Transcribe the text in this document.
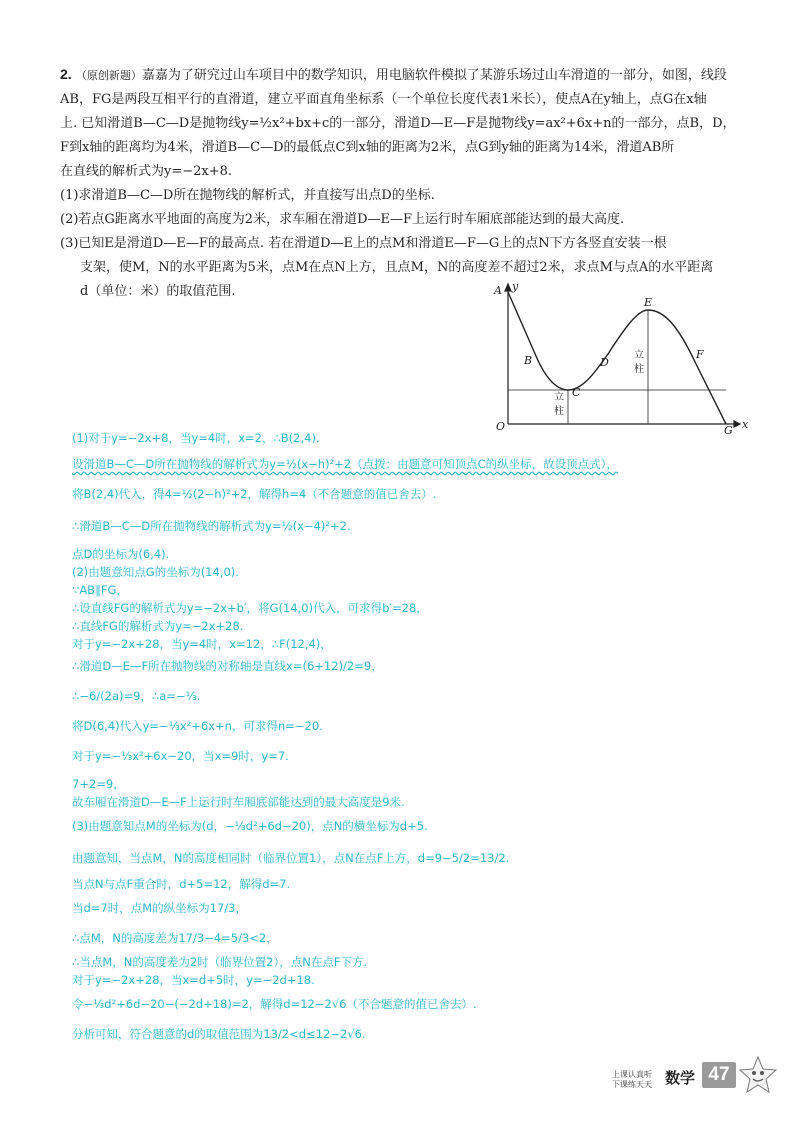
2. （原创新题）嘉嘉为了研究过山车项目中的数学知识，用电脑软件模拟了某游乐场过山车滑道的一部分，如图，线段

AB，FG是两段互相平行的直滑道，建立平面直角坐标系（一个单位长度代表1米长），使点A在y轴上，点G在x轴

上. 已知滑道B—C—D是抛物线y=½x²+bx+c的一部分，滑道D—E—F是抛物线y=ax²+6x+n的一部分，点B，D，

F到x轴的距离均为4米，滑道B—C—D的最低点C到x轴的距离为2米，点G到y轴的距离为14米，滑道AB所

在直线的解析式为y=−2x+8.

(1)求滑道B—C—D所在抛物线的解析式，并直接写出点D的坐标.

(2)若点G距离水平地面的高度为2米，求车厢在滑道D—E—F上运行时车厢底部能达到的最大高度.

(3)已知E是滑道D—E—F的最高点. 若在滑道D—E上的点M和滑道E—F—G上的点N下方各竖直安装一根

支架，使M，N的水平距离为5米，点M在点N上方，且点M，N的高度差不超过2米，求点M与点A的水平距离

d（单位：米）的取值范围.	A y
x
O	G
B
C
D
E
F
立
柱
立
柱
(1)对于y=−2x+8，当y=4时，x=2，∴B(2,4).
设滑道B—C—D所在抛物线的解析式为y=½(x−h)²+2（点拨：由题意可知顶点C的纵坐标，故设顶点式），
将B(2,4)代入，得4=½(2−h)²+2，解得h=4（不合题意的值已舍去）.
∴滑道B—C—D所在抛物线的解析式为y=½(x−4)²+2.
点D的坐标为(6,4).
(2)由题意知点G的坐标为(14,0).
∵AB∥FG，
∴设直线FG的解析式为y=−2x+b′，将G(14,0)代入，可求得b′=28，
∴直线FG的解析式为y=−2x+28.
对于y=−2x+28，当y=4时，x=12，∴F(12,4)，
∴滑道D—E—F所在抛物线的对称轴是直线x=(6+12)/2=9，
∴−6/(2a)=9，∴a=−⅓.
将D(6,4)代入y=−⅓x²+6x+n，可求得n=−20.
对于y=−⅓x²+6x−20，当x=9时，y=7.
7+2=9，
故车厢在滑道D—E—F上运行时车厢底部能达到的最大高度是9米.
(3)由题意知点M的坐标为(d，−⅓d²+6d−20)，点N的横坐标为d+5.
由题意知，当点M，N的高度相同时（临界位置1），点N在点F上方，d=9−5/2=13/2.
当点N与点F重合时，d+5=12，解得d=7.
当d=7时，点M的纵坐标为17/3，
∴点M，N的高度差为17/3−4=5/3<2，
∴当点M，N的高度差为2时（临界位置2），点N在点F下方.
对于y=−2x+28，当x=d+5时，y=−2d+18.
令−⅓d²+6d−20−(−2d+18)=2，解得d=12−2√6（不合题意的值已舍去）.
分析可知，符合题意的d的取值范围为13/2<d≤12−2√6.
上课认真听
下课练天天 数学 47
